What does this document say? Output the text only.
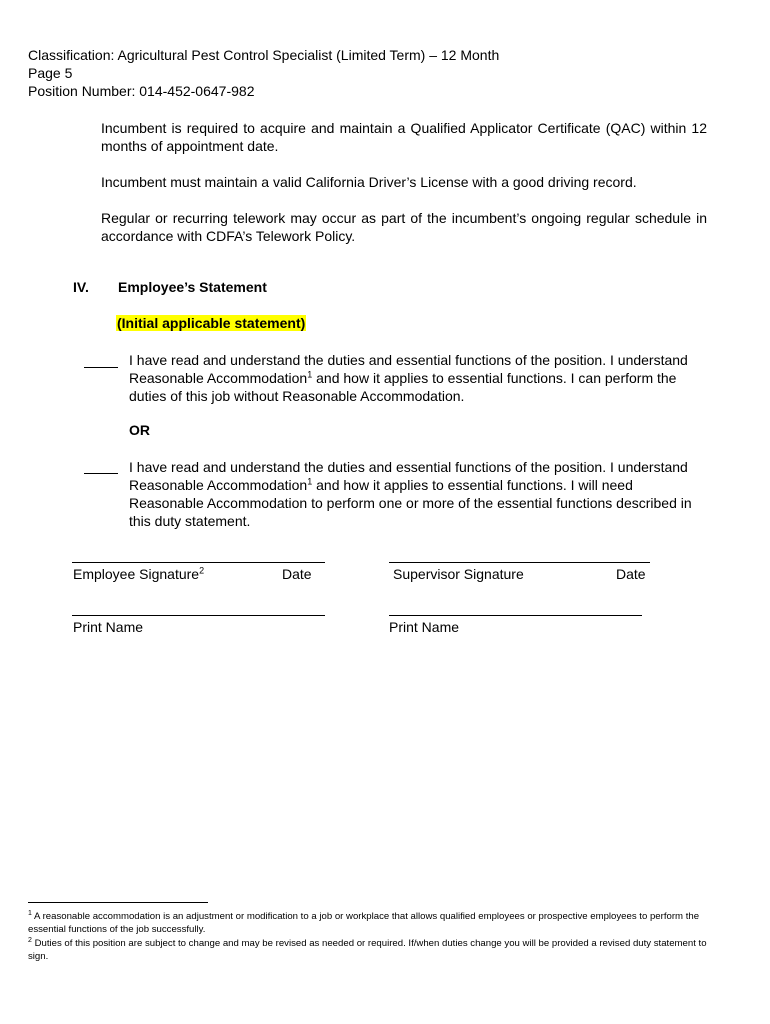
Classification: Agricultural Pest Control Specialist (Limited Term) – 12 Month
Page 5
Position Number: 014-452-0647-982
Incumbent is required to acquire and maintain a Qualified Applicator Certificate (QAC) within 12 months of appointment date.
Incumbent must maintain a valid California Driver’s License with a good driving record.
Regular or recurring telework may occur as part of the incumbent’s ongoing regular schedule in accordance with CDFA’s Telework Policy.
IV. Employee’s Statement
(Initial applicable statement)
I have read and understand the duties and essential functions of the position. I understand Reasonable Accommodation$^1$ and how it applies to essential functions. I can perform the duties of this job without Reasonable Accommodation.
OR
I have read and understand the duties and essential functions of the position. I understand Reasonable Accommodation$^1$ and how it applies to essential functions. I will need Reasonable Accommodation to perform one or more of the essential functions described in this duty statement.
Employee Signature$^2$	Date	Supervisor Signature	Date
Print Name	Print Name
$^1$ A reasonable accommodation is an adjustment or modification to a job or workplace that allows qualified employees or prospective employees to perform the essential functions of the job successfully.
$^2$ Duties of this position are subject to change and may be revised as needed or required. If/when duties change you will be provided a revised duty statement to sign.
